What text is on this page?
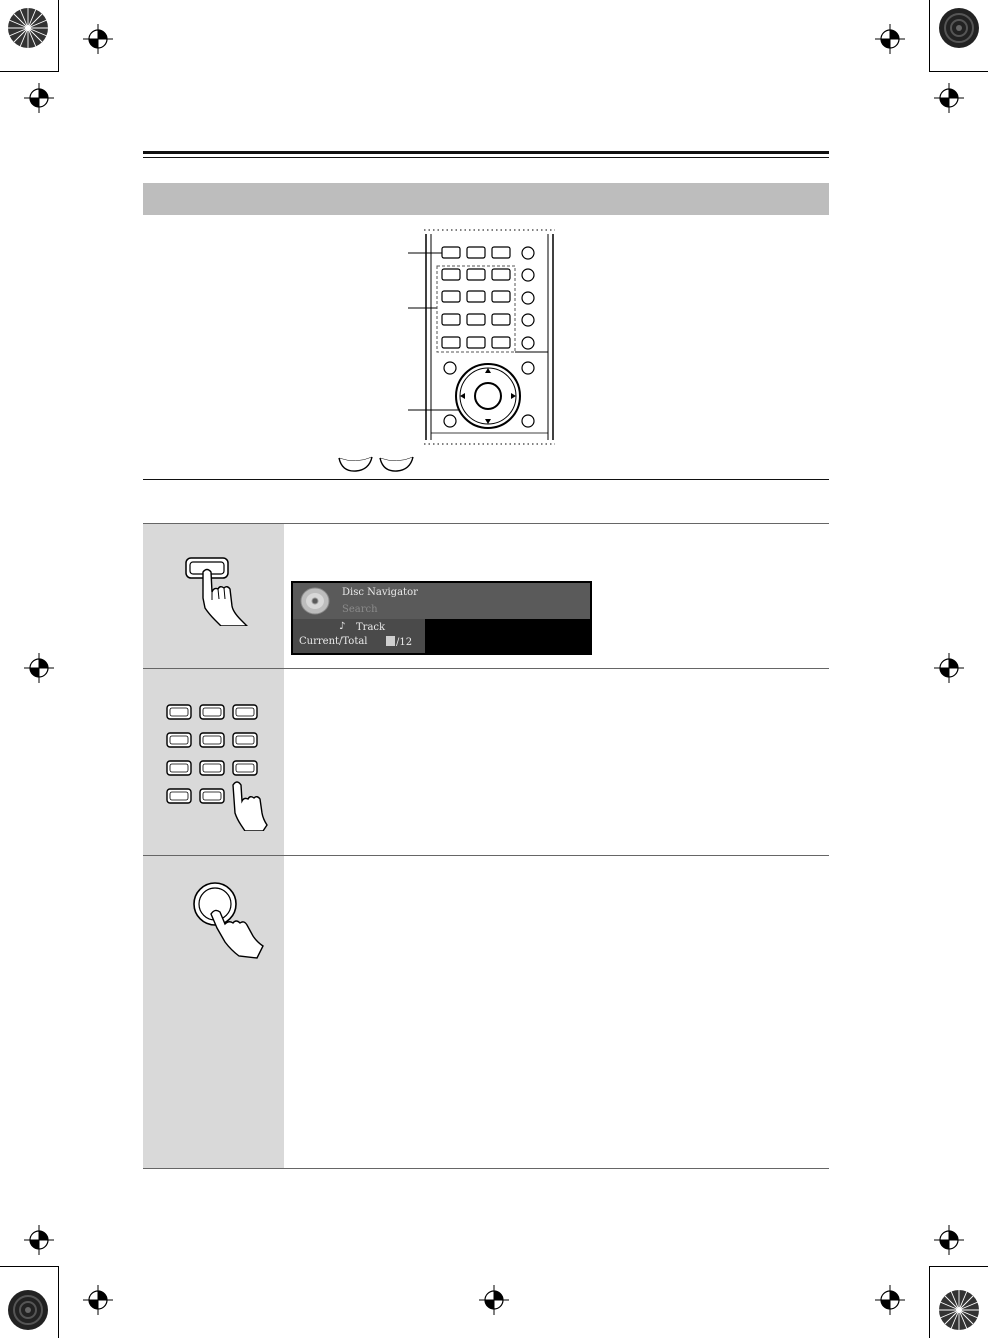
Disc Navigator
Search
♪ Track
Current/Total	/12
